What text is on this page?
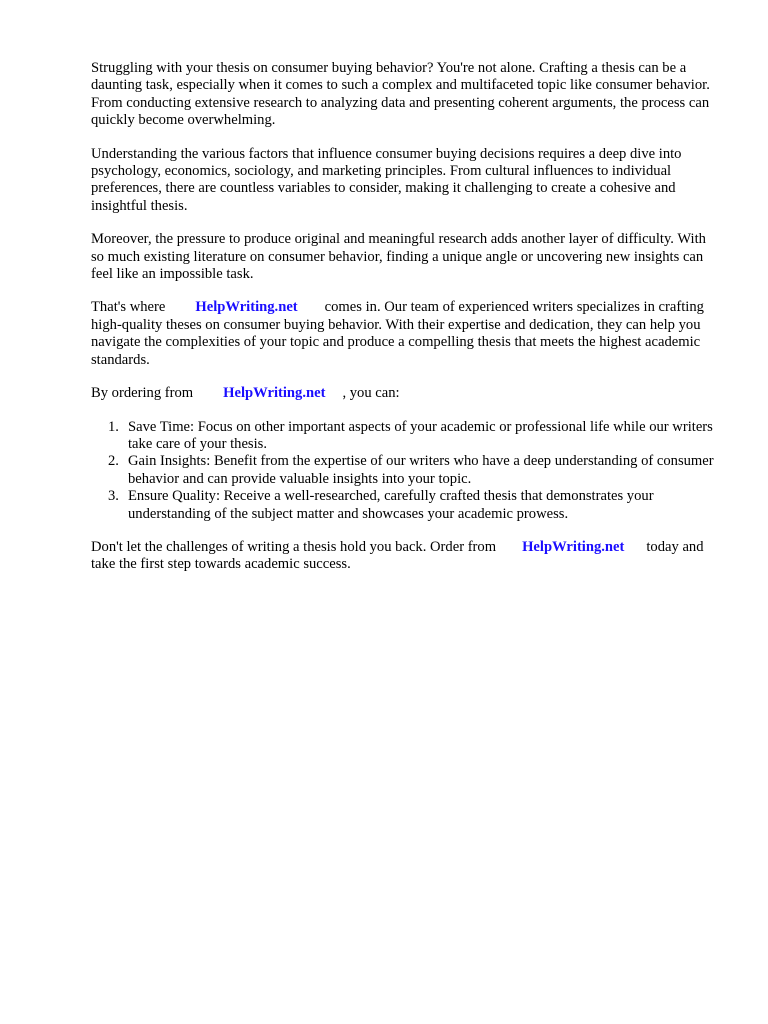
Struggling with your thesis on consumer buying behavior? You're not alone. Crafting a thesis can be a daunting task, especially when it comes to such a complex and multifaceted topic like consumer behavior. From conducting extensive research to analyzing data and presenting coherent arguments, the process can quickly become overwhelming.

Understanding the various factors that influence consumer buying decisions requires a deep dive into psychology, economics, sociology, and marketing principles. From cultural influences to individual preferences, there are countless variables to consider, making it challenging to create a cohesive and insightful thesis.

Moreover, the pressure to produce original and meaningful research adds another layer of difficulty. With so much existing literature on consumer behavior, finding a unique angle or uncovering new insights can feel like an impossible task.

That's where HelpWriting.net comes in. Our team of experienced writers specializes in crafting high-quality theses on consumer buying behavior. With their expertise and dedication, they can help you navigate the complexities of your topic and produce a compelling thesis that meets the highest academic standards.

By ordering from HelpWriting.net , you can:

1. Save Time: Focus on other important aspects of your academic or professional life while our writers take care of your thesis.
2. Gain Insights: Benefit from the expertise of our writers who have a deep understanding of consumer behavior and can provide valuable insights into your topic.
3. Ensure Quality: Receive a well-researched, carefully crafted thesis that demonstrates your understanding of the subject matter and showcases your academic prowess.

Don't let the challenges of writing a thesis hold you back. Order from HelpWriting.net today and take the first step towards academic success.
